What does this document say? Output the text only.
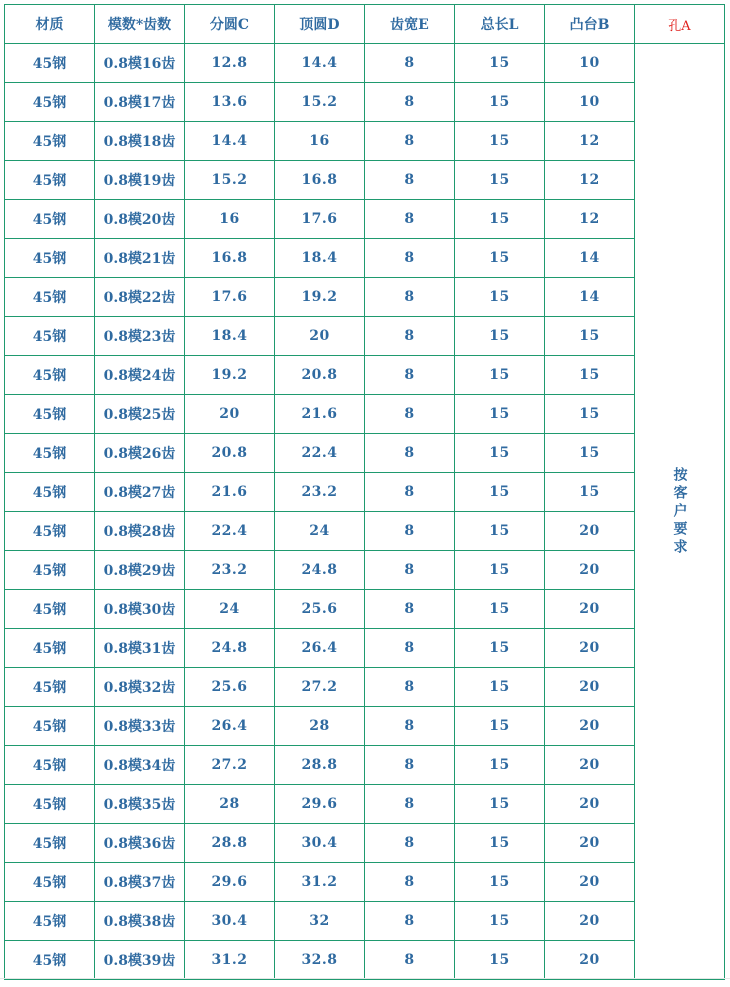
材质	模数*齿数	分圆C	顶圆D	齿宽E	总长L	凸台B	孔A
45钢	0.8模16齿	12.8	14.4	8	15	10	按客户要求
45钢	0.8模17齿	13.6	15.2	8	15	10	
45钢	0.8模18齿	14.4	16	8	15	12	
45钢	0.8模19齿	15.2	16.8	8	15	12	
45钢	0.8模20齿	16	17.6	8	15	12	
45钢	0.8模21齿	16.8	18.4	8	15	14	
45钢	0.8模22齿	17.6	19.2	8	15	14	
45钢	0.8模23齿	18.4	20	8	15	15	
45钢	0.8模24齿	19.2	20.8	8	15	15	
45钢	0.8模25齿	20	21.6	8	15	15	
45钢	0.8模26齿	20.8	22.4	8	15	15	
45钢	0.8模27齿	21.6	23.2	8	15	15	
45钢	0.8模28齿	22.4	24	8	15	20	
45钢	0.8模29齿	23.2	24.8	8	15	20	
45钢	0.8模30齿	24	25.6	8	15	20	
45钢	0.8模31齿	24.8	26.4	8	15	20	
45钢	0.8模32齿	25.6	27.2	8	15	20	
45钢	0.8模33齿	26.4	28	8	15	20	
45钢	0.8模34齿	27.2	28.8	8	15	20	
45钢	0.8模35齿	28	29.6	8	15	20	
45钢	0.8模36齿	28.8	30.4	8	15	20	
45钢	0.8模37齿	29.6	31.2	8	15	20	
45钢	0.8模38齿	30.4	32	8	15	20	
45钢	0.8模39齿	31.2	32.8	8	15	20	
